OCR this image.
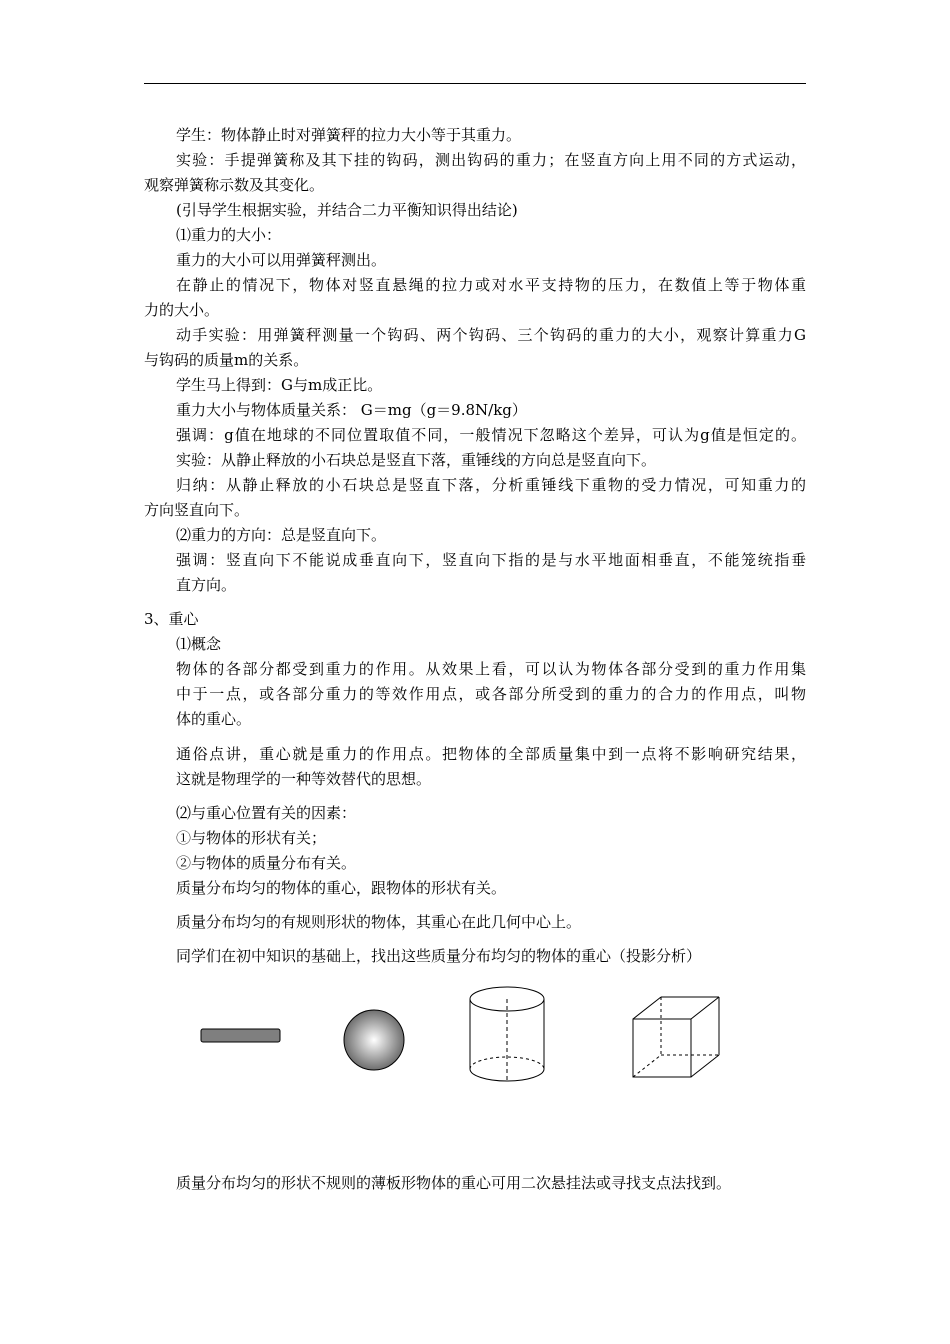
学生：物体静止时对弹簧秤的拉力大小等于其重力。
实验：手提弹簧称及其下挂的钩码，测出钩码的重力；在竖直方向上用不同的方式运动，
观察弹簧称示数及其变化。
(引导学生根据实验，并结合二力平衡知识得出结论)
⑴重力的大小：
重力的大小可以用弹簧秤测出。
在静止的情况下，物体对竖直悬绳的拉力或对水平支持物的压力，在数值上等于物体重
力的大小。
动手实验：用弹簧秤测量一个钩码、两个钩码、三个钩码的重力的大小，观察计算重力G
与钩码的质量m的关系。
学生马上得到：G与m成正比。
重力大小与物体质量关系： G＝mg（g＝9.8N/kg）
强调：g值在地球的不同位置取值不同，一般情况下忽略这个差异，可认为g值是恒定的。
实验：从静止释放的小石块总是竖直下落，重锤线的方向总是竖直向下。
归纳：从静止释放的小石块总是竖直下落，分析重锤线下重物的受力情况，可知重力的
方向竖直向下。
⑵重力的方向：总是竖直向下。
强调：竖直向下不能说成垂直向下，竖直向下指的是与水平地面相垂直，不能笼统指垂
直方向。
3、重心
⑴概念
物体的各部分都受到重力的作用。从效果上看，可以认为物体各部分受到的重力作用集
中于一点，或各部分重力的等效作用点，或各部分所受到的重力的合力的作用点，叫物
体的重心。
通俗点讲，重心就是重力的作用点。把物体的全部质量集中到一点将不影响研究结果，
这就是物理学的一种等效替代的思想。
⑵与重心位置有关的因素：
①与物体的形状有关；
②与物体的质量分布有关。
质量分布均匀的物体的重心，跟物体的形状有关。
质量分布均匀的有规则形状的物体，其重心在此几何中心上。
同学们在初中知识的基础上，找出这些质量分布均匀的物体的重心（投影分析）
质量分布均匀的形状不规则的薄板形物体的重心可用二次悬挂法或寻找支点法找到。
